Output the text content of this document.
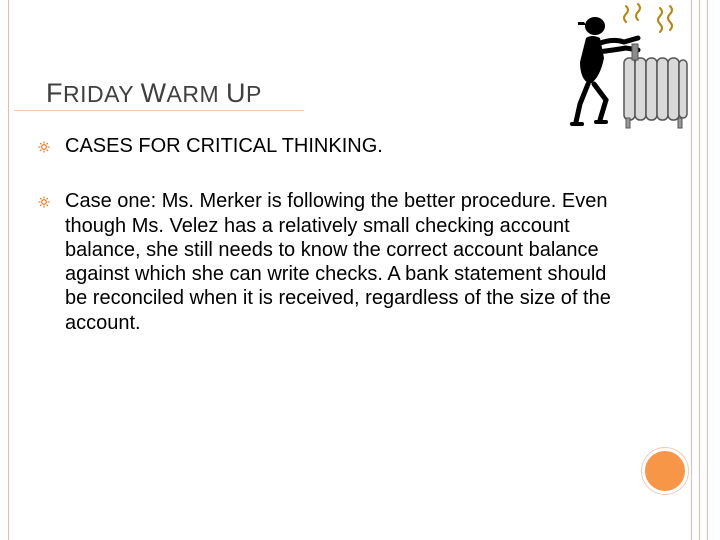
FRIDAY WARM UP
CASES FOR CRITICAL THINKING.
Case one: Ms. Merker is following the better procedure. Even though Ms. Velez has a relatively small checking account balance, she still needs to know the correct account balance against which she can write checks. A bank statement should be reconciled when it is received, regardless of the size of the account.
